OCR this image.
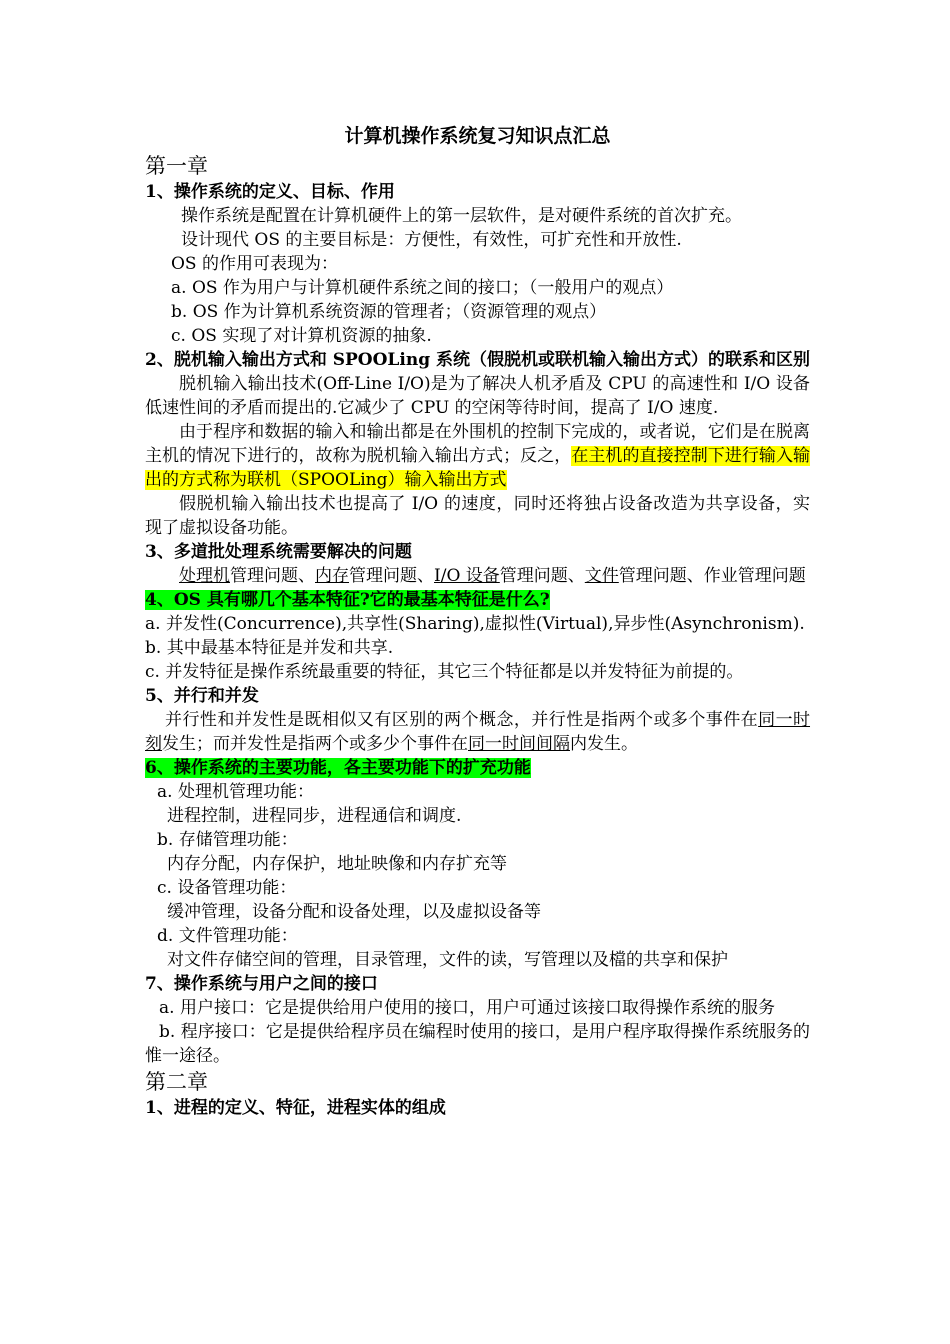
计算机操作系统复习知识点汇总

第一章

1、操作系统的定义、目标、作用

操作系统是配置在计算机硬件上的第一层软件，是对硬件系统的首次扩充。

设计现代 OS 的主要目标是：方便性，有效性，可扩充性和开放性.

OS 的作用可表现为：

a. OS 作为用户与计算机硬件系统之间的接口；（一般用户的观点）

b. OS 作为计算机系统资源的管理者；（资源管理的观点）

c. OS 实现了对计算机资源的抽象.

2、脱机输入输出方式和 SPOOLing 系统（假脱机或联机输入输出方式）的联系和区别

脱机输入输出技术(Off-Line I/O)是为了解决人机矛盾及 CPU 的高速性和 I/O 设备低速性间的矛盾而提出的.它减少了 CPU 的空闲等待时间，提高了 I/O 速度.

由于程序和数据的输入和输出都是在外围机的控制下完成的，或者说，它们是在脱离主机的情况下进行的，故称为脱机输入输出方式；反之，在主机的直接控制下进行输入输出的方式称为联机（SPOOLing）输入输出方式

假脱机输入输出技术也提高了 I/O 的速度，同时还将独占设备改造为共享设备，实现了虚拟设备功能。

3、多道批处理系统需要解决的问题

处理机管理问题、内存管理问题、I/O 设备管理问题、文件管理问题、作业管理问题

4、OS 具有哪几个基本特征?它的最基本特征是什么?

a. 并发性(Concurrence),共享性(Sharing),虚拟性(Virtual),异步性(Asynchronism).

b. 其中最基本特征是并发和共享.

c. 并发特征是操作系统最重要的特征，其它三个特征都是以并发特征为前提的。

5、并行和并发

并行性和并发性是既相似又有区别的两个概念，并行性是指两个或多个事件在同一时刻发生；而并发性是指两个或多少个事件在同一时间间隔内发生。

6、操作系统的主要功能，各主要功能下的扩充功能

a. 处理机管理功能：

进程控制，进程同步，进程通信和调度.

b. 存储管理功能：

内存分配，内存保护，地址映像和内存扩充等

c. 设备管理功能：

缓冲管理，设备分配和设备处理，以及虚拟设备等

d. 文件管理功能：

对文件存储空间的管理，目录管理，文件的读，写管理以及檔的共享和保护

7、操作系统与用户之间的接口

a. 用户接口：它是提供给用户使用的接口，用户可通过该接口取得操作系统的服务

b. 程序接口：它是提供给程序员在编程时使用的接口，是用户程序取得操作系统服务的惟一途径。

第二章

1、进程的定义、特征，进程实体的组成
